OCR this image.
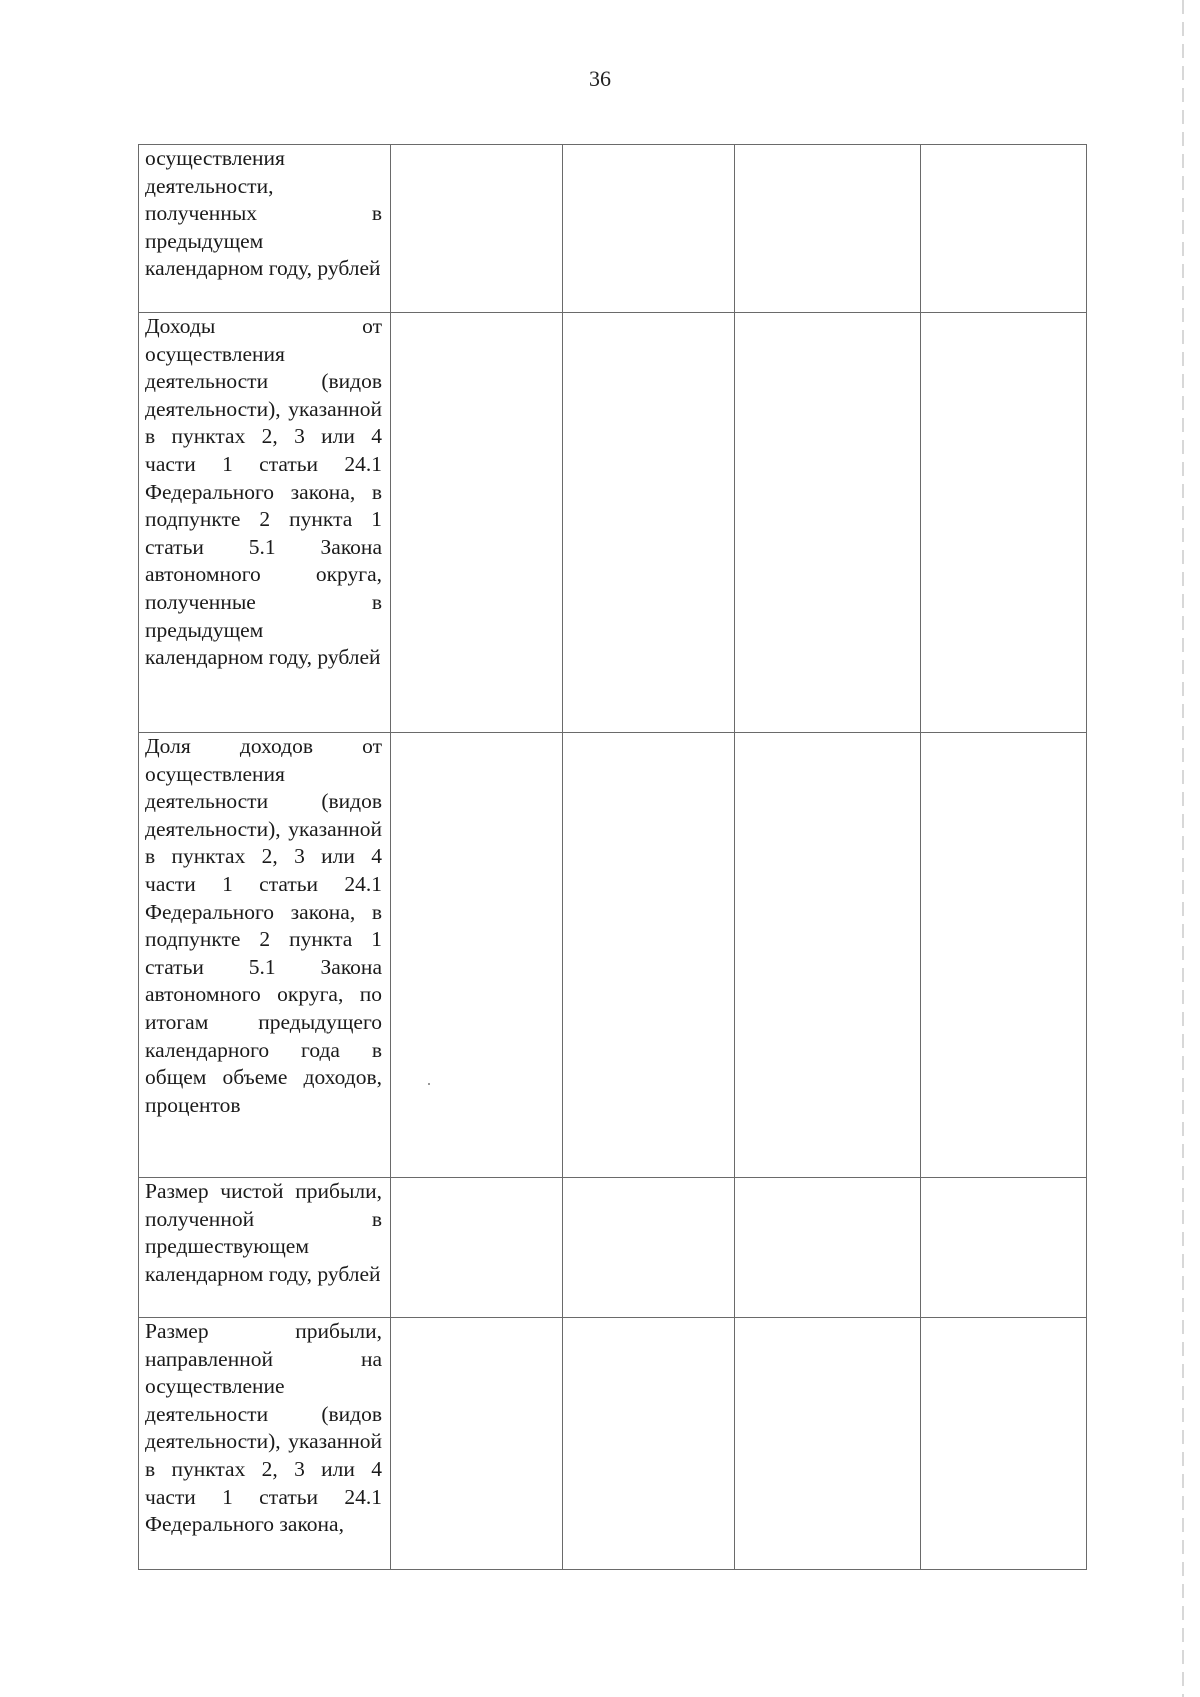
36
осуществления деятельности, полученных в предыдущем календарном году, рублей				

Доходы от осуществления деятельности (видов деятельности), указанной в пунктах 2, 3 или 4 части 1 статьи 24.1 Федерального закона, в подпункте 2 пункта 1 статьи 5.1 Закона автономного округа, полученные в предыдущем календарном году, рублей				

Доля доходов от осуществления деятельности (видов деятельности), указанной в пунктах 2, 3 или 4 части 1 статьи 24.1 Федерального закона, в подпункте 2 пункта 1 статьи 5.1 Закона автономного округа, по итогам предыдущего календарного года в общем объеме доходов, процентов				

Размер чистой прибыли, полученной в предшествующем календарном году, рублей				

Размер прибыли, направленной на осуществление деятельности (видов деятельности), указанной в пунктах 2, 3 или 4 части 1 статьи 24.1 Федерального закона,				
